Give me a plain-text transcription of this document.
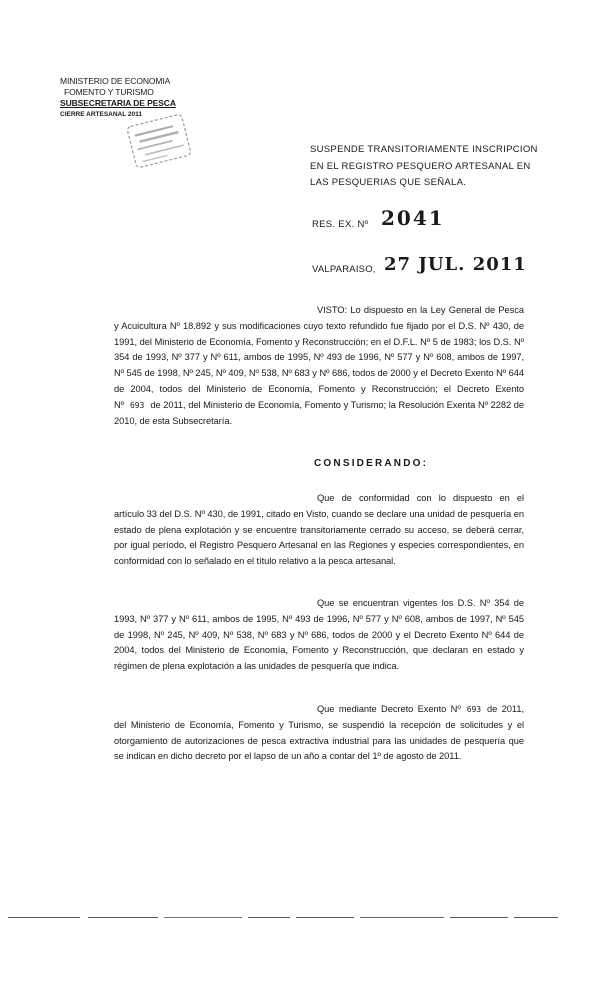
MINISTERIO DE ECONOMIA
FOMENTO Y TURISMO
SUBSECRETARIA DE PESCA
CIERRE ARTESANAL 2011
SUSPENDE TRANSITORIAMENTE INSCRIPCION EN EL REGISTRO PESQUERO ARTESANAL EN LAS PESQUERIAS QUE SEÑALA.
RES. EX. Nº 2041
VALPARAISO, 27 JUL. 2011
VISTO: Lo dispuesto en la Ley General de Pesca y Acuicultura Nº 18.892 y sus modificaciones cuyo texto refundido fue fijado por el D.S. Nº 430, de 1991, del Ministerio de Economía, Fomento y Reconstrucción; en el D.F.L. Nº 5 de 1983; los D.S. Nº 354 de 1993, Nº 377 y Nº 611, ambos de 1995, Nº 493 de 1996, Nº 577 y Nº 608, ambos de 1997, Nº 545 de 1998, Nº 245, Nº 409, Nº 538, Nº 683 y Nº 686, todos de 2000 y el Decreto Exento Nº 644 de 2004, todos del Ministerio de Economía, Fomento y Reconstrucción; el Decreto Exento Nº 693 de 2011, del Ministerio de Economía, Fomento y Turismo; la Resolución Exenta Nº 2282 de 2010, de esta Subsecretaría.
CONSIDERANDO:
Que de conformidad con lo dispuesto en el artículo 33 del D.S. Nº 430, de 1991, citado en Visto, cuando se declare una unidad de pesquería en estado de plena explotación y se encuentre transitoriamente cerrado su acceso, se deberá cerrar, por igual período, el Registro Pesquero Artesanal en las Regiones y especies correspondientes, en conformidad con lo señalado en el título relativo a la pesca artesanal.
Que se encuentran vigentes los D.S. Nº 354 de 1993, Nº 377 y Nº 611, ambos de 1995, Nº 493 de 1996, Nº 577 y Nº 608, ambos de 1997, Nº 545 de 1998, Nº 245, Nº 409, Nº 538, Nº 683 y Nº 686, todos de 2000 y el Decreto Exento Nº 644 de 2004, todos del Ministerio de Economía, Fomento y Reconstrucción, que declaran en estado y régimen de plena explotación a las unidades de pesquería que indica.
Que mediante Decreto Exento Nº 693 de 2011, del Ministerio de Economía, Fomento y Turismo, se suspendió la recepción de solicitudes y el otorgamiento de autorizaciones de pesca extractiva industrial para las unidades de pesquería que se indican en dicho decreto por el lapso de un año a contar del 1º de agosto de 2011.
